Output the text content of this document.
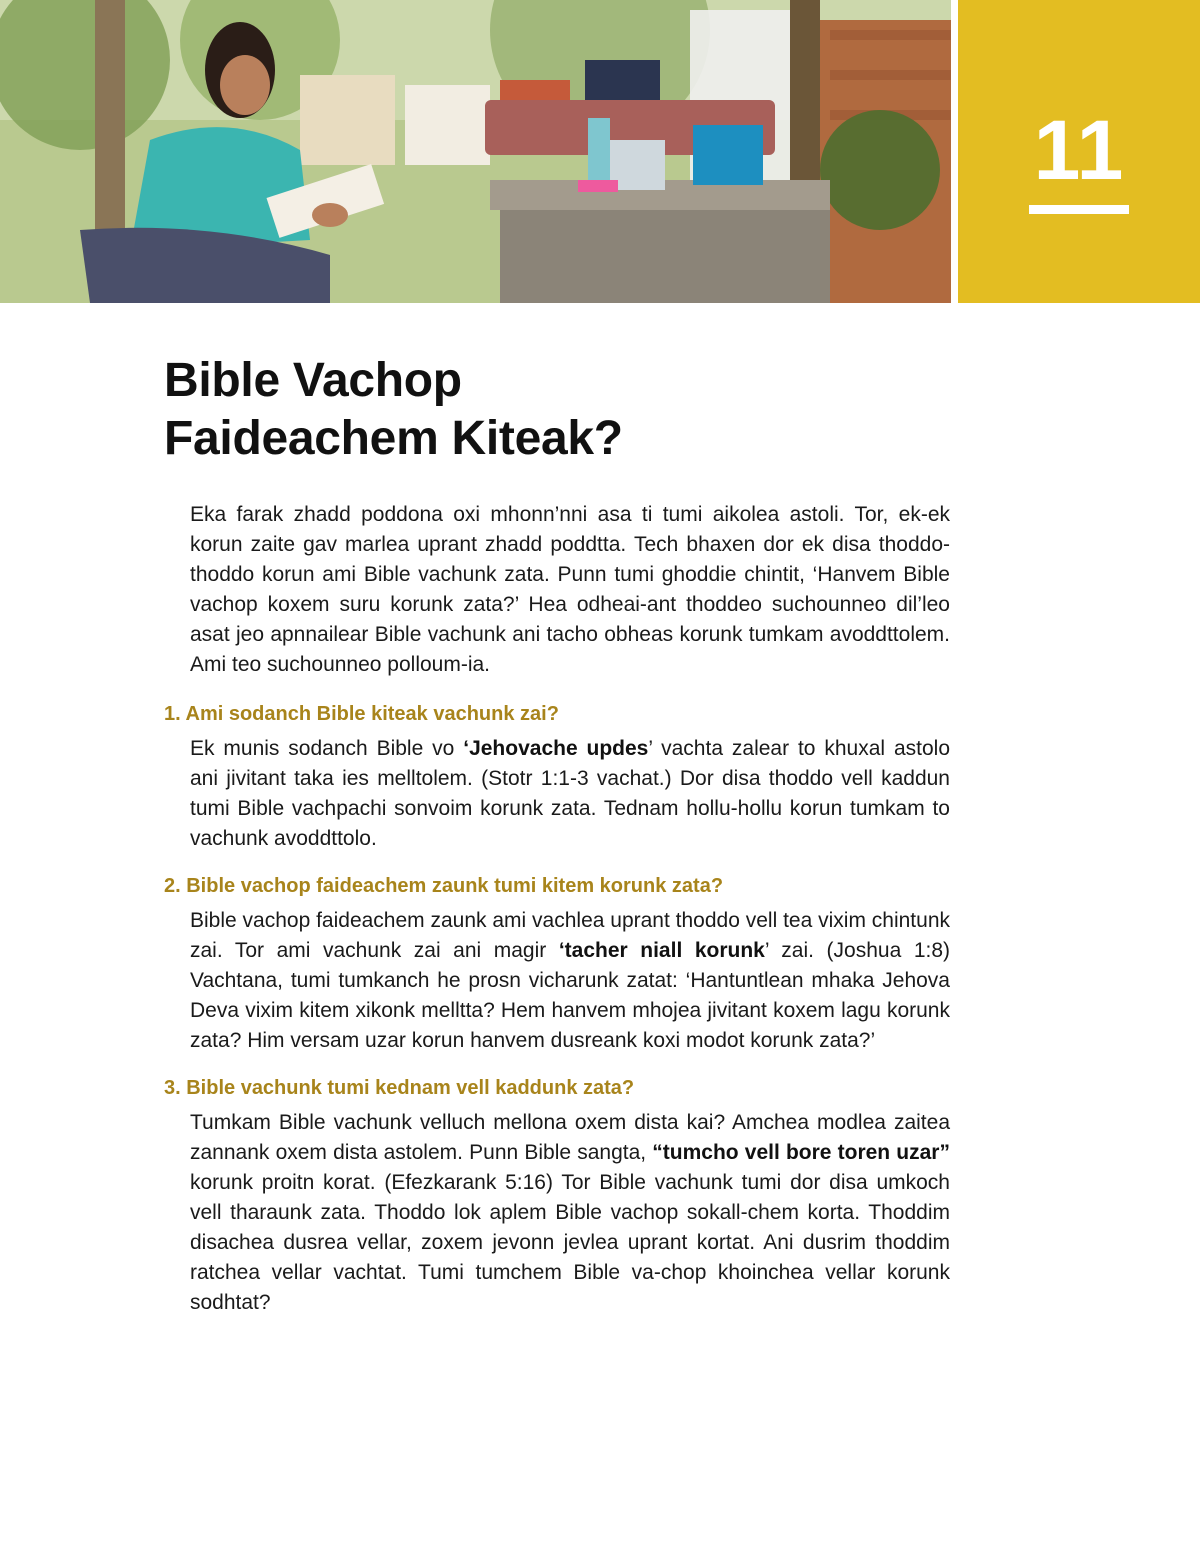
11
Bible Vachop
Faideachem Kiteak?

Eka farak zhadd poddona oxi mhonn’nni asa ti tumi aikolea astoli. Tor, ek-ek korun zaite gav marlea uprant zhadd poddtta. Tech bhaxen dor ek disa thoddo-thoddo korun ami Bible vachunk zata. Punn tumi ghoddie chintit, ‘Hanvem Bible vachop koxem suru korunk zata?’ Hea odheai-ant thoddeo suchounneo dil’leo asat jeo apnnailear Bible vachunk ani tacho obheas korunk tumkam avoddttolem. Ami teo suchounneo polloum-ia.

1. Ami sodanch Bible kiteak vachunk zai?

Ek munis sodanch Bible vo ‘Jehovache updes’ vachta zalear to khuxal astolo ani jivitant taka ies melltolem. (Stotr 1:1-3 vachat.) Dor disa thoddo vell kaddun tumi Bible vachpachi sonvoim korunk zata. Tednam hollu-hollu korun tumkam to vachunk avoddttolo.

2. Bible vachop faideachem zaunk tumi kitem korunk zata?

Bible vachop faideachem zaunk ami vachlea uprant thoddo vell tea vixim chintunk zai. Tor ami vachunk zai ani magir ‘tacher niall korunk’ zai. (Joshua 1:8) Vachtana, tumi tumkanch he prosn vicharunk zatat: ‘Hantuntlean mhaka Jehova Deva vixim kitem xikonk melltta? Hem hanvem mhojea jivitant koxem lagu korunk zata? Him versam uzar korun hanvem dusreank koxi modot korunk zata?’

3. Bible vachunk tumi kednam vell kaddunk zata?

Tumkam Bible vachunk velluch mellona oxem dista kai? Amchea modlea zaitea zannank oxem dista astolem. Punn Bible sangta, “tumcho vell bore toren uzar” korunk proitn korat. (Efezkarank 5:16) Tor Bible vachunk tumi dor disa umkoch vell tharaunk zata. Thoddo lok aplem Bible vachop sokall-chem korta. Thoddim disachea dusrea vellar, zoxem jevonn jevlea uprant kortat. Ani dusrim thoddim ratchea vellar vachtat. Tumi tumchem Bible va-chop khoinchea vellar korunk sodhtat?
